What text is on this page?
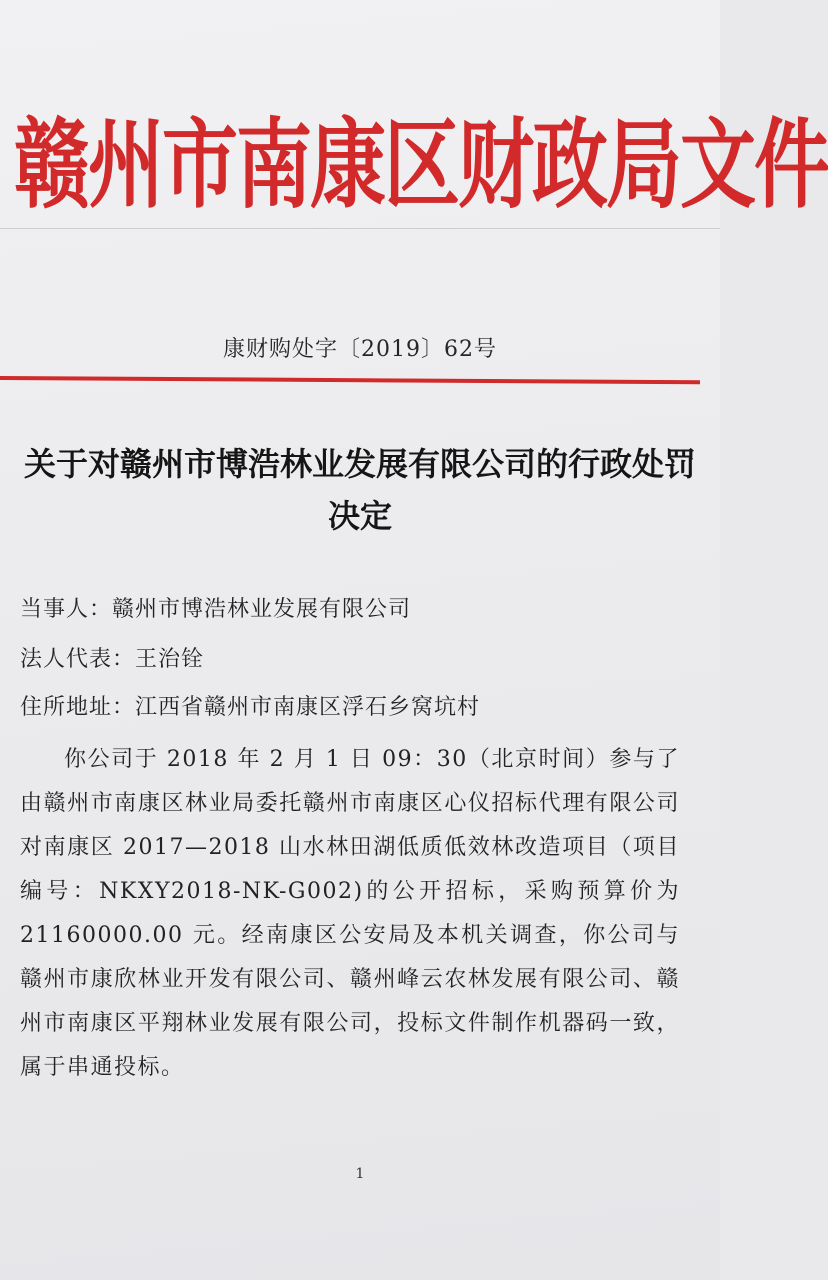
赣州市南康区财政局文件
康财购处字〔2019〕62号
关于对赣州市博浩林业发展有限公司的行政处罚决定
当事人：赣州市博浩林业发展有限公司
法人代表：王治铨
住所地址：江西省赣州市南康区浮石乡窝坑村
你公司于 2018 年 2 月 1 日 09：30（北京时间）参与了由赣州市南康区林业局委托赣州市南康区心仪招标代理有限公司对南康区 2017—2018 山水林田湖低质低效林改造项目（项目编号：NKXY2018-NK-G002)的公开招标，采购预算价为 21160000.00 元。经南康区公安局及本机关调查，你公司与赣州市康欣林业开发有限公司、赣州峰云农林发展有限公司、赣州市南康区平翔林业发展有限公司，投标文件制作机器码一致，属于串通投标。
1
